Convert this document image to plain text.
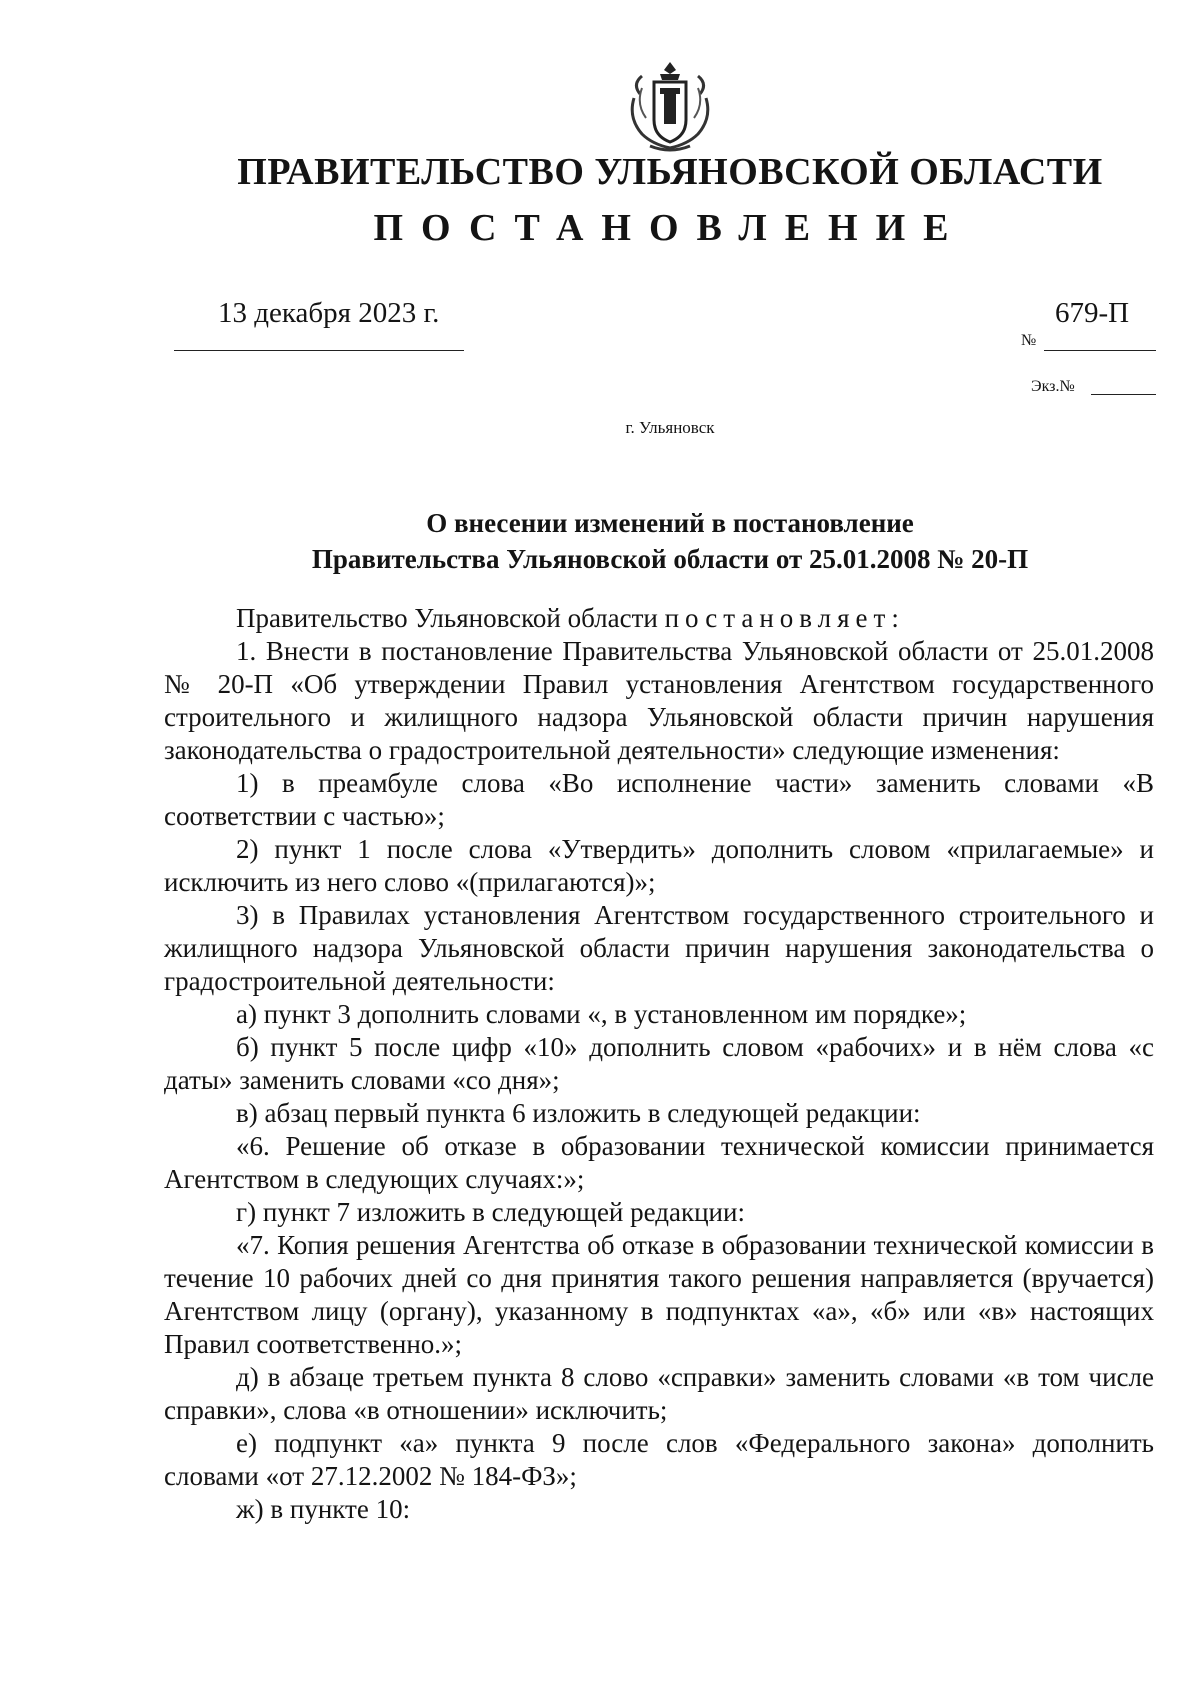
ПРАВИТЕЛЬСТВО УЛЬЯНОВСКОЙ ОБЛАСТИ
ПОСТАНОВЛЕНИЕ
13 декабря 2023 г.	679-П
№
Экз.№
г. Ульяновск
О внесении изменений в постановление
Правительства Ульяновской области от 25.01.2008 № 20-П

Правительство Ульяновской области постановляет:

1. Внести в постановление Правительства Ульяновской области от 25.01.2008 № 20-П «Об утверждении Правил установления Агентством государственного строительного и жилищного надзора Ульяновской области причин нарушения законодательства о градостроительной деятельности» следующие изменения:

1) в преамбуле слова «Во исполнение части» заменить словами «В соответствии с частью»;

2) пункт 1 после слова «Утвердить» дополнить словом «прилагаемые» и исключить из него слово «(прилагаются)»;

3) в Правилах установления Агентством государственного строительного и жилищного надзора Ульяновской области причин нарушения законодательства о градостроительной деятельности:

а) пункт 3 дополнить словами «, в установленном им порядке»;

б) пункт 5 после цифр «10» дополнить словом «рабочих» и в нём слова «с даты» заменить словами «со дня»;

в) абзац первый пункта 6 изложить в следующей редакции:

«6. Решение об отказе в образовании технической комиссии принимается Агентством в следующих случаях:»;

г) пункт 7 изложить в следующей редакции:

«7. Копия решения Агентства об отказе в образовании технической комиссии в течение 10 рабочих дней со дня принятия такого решения направляется (вручается) Агентством лицу (органу), указанному в подпунктах «а», «б» или «в» настоящих Правил соответственно.»;

д) в абзаце третьем пункта 8 слово «справки» заменить словами «в том числе справки», слова «в отношении» исключить;

е) подпункт «а» пункта 9 после слов «Федерального закона» дополнить словами «от 27.12.2002 № 184-ФЗ»;

ж) в пункте 10:
